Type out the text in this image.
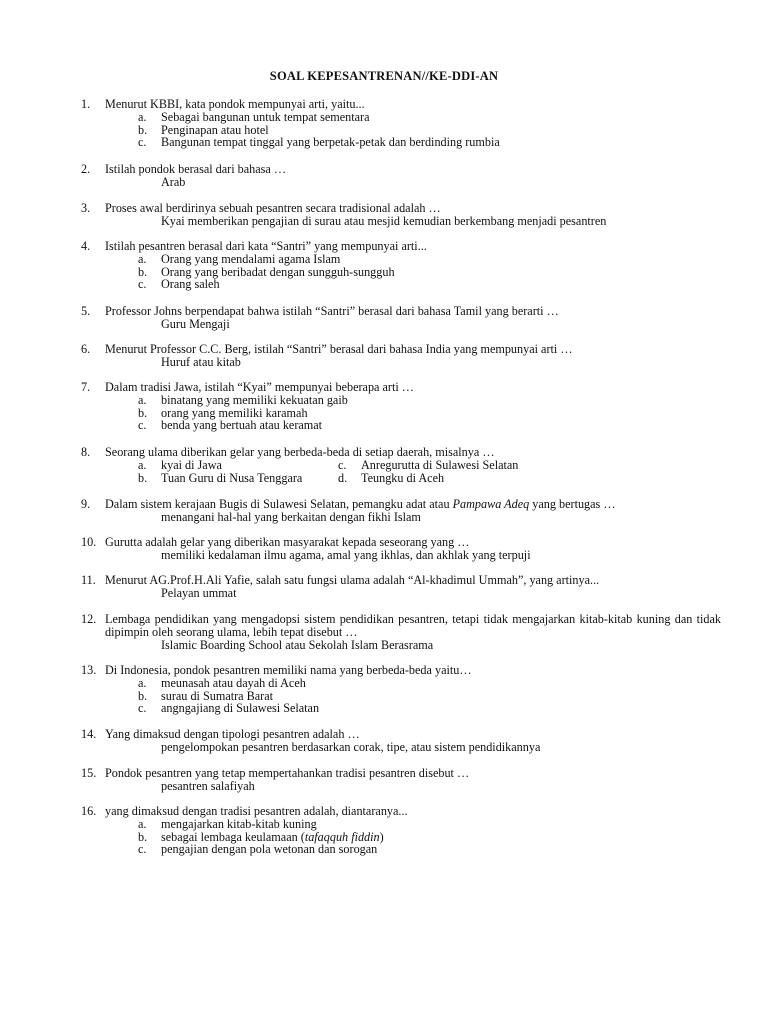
SOAL KEPESANTRENAN//KE-DDI-AN
1.	Menurut KBBI, kata pondok mempunyai arti, yaitu...
a.	Sebagai bangunan untuk tempat sementara
b.	Penginapan atau hotel
c.	Bangunan tempat tinggal yang berpetak-petak dan berdinding rumbia
2.	Istilah pondok berasal dari bahasa …
Arab
3.	Proses awal berdirinya sebuah pesantren secara tradisional adalah …
Kyai memberikan pengajian di surau atau mesjid kemudian berkembang menjadi pesantren
4.	Istilah pesantren berasal dari kata “Santri” yang mempunyai arti...
a.	Orang yang mendalami agama Islam
b.	Orang yang beribadat dengan sungguh-sungguh
c.	Orang saleh
5.	Professor Johns berpendapat bahwa istilah “Santri” berasal dari bahasa Tamil yang berarti …
Guru Mengaji
6.	Menurut Professor C.C. Berg, istilah “Santri” berasal dari bahasa India yang mempunyai arti …
Huruf atau kitab
7.	Dalam tradisi Jawa, istilah “Kyai” mempunyai beberapa arti …
a.	binatang yang memiliki kekuatan gaib
b.	orang yang memiliki karamah
c.	benda yang bertuah atau keramat
8.	Seorang ulama diberikan gelar yang berbeda-beda di setiap daerah, misalnya …
a.	kyai di Jawa	c.	Anregurutta di Sulawesi Selatan
b.	Tuan Guru di Nusa Tenggara	d.	Teungku di Aceh
9.	Dalam sistem kerajaan Bugis di Sulawesi Selatan, pemangku adat atau Pampawa Adeq yang bertugas …
menangani hal-hal yang berkaitan dengan fikhi Islam
10. Gurutta adalah gelar yang diberikan masyarakat kepada seseorang yang …
memiliki kedalaman ilmu agama, amal yang ikhlas, dan akhlak yang terpuji
11. Menurut AG.Prof.H.Ali Yafie, salah satu fungsi ulama adalah “Al-khadimul Ummah”, yang artinya...
Pelayan ummat
12. Lembaga pendidikan yang mengadopsi sistem pendidikan pesantren, tetapi tidak mengajarkan kitab-kitab kuning dan tidak dipimpin oleh seorang ulama, lebih tepat disebut …
Islamic Boarding School atau Sekolah Islam Berasrama
13. Di Indonesia, pondok pesantren memiliki nama yang berbeda-beda yaitu…
a.	meunasah atau dayah di Aceh
b.	surau di Sumatra Barat
c.	angngajiang di Sulawesi Selatan
14. Yang dimaksud dengan tipologi pesantren adalah …
pengelompokan pesantren berdasarkan corak, tipe, atau sistem pendidikannya
15. Pondok pesantren yang tetap mempertahankan tradisi pesantren disebut …
pesantren salafiyah
16. yang dimaksud dengan tradisi pesantren adalah, diantaranya...
a.	mengajarkan kitab-kitab kuning
b.	sebagai lembaga keulamaan (tafaqquh fiddin)
c.	pengajian dengan pola wetonan dan sorogan
